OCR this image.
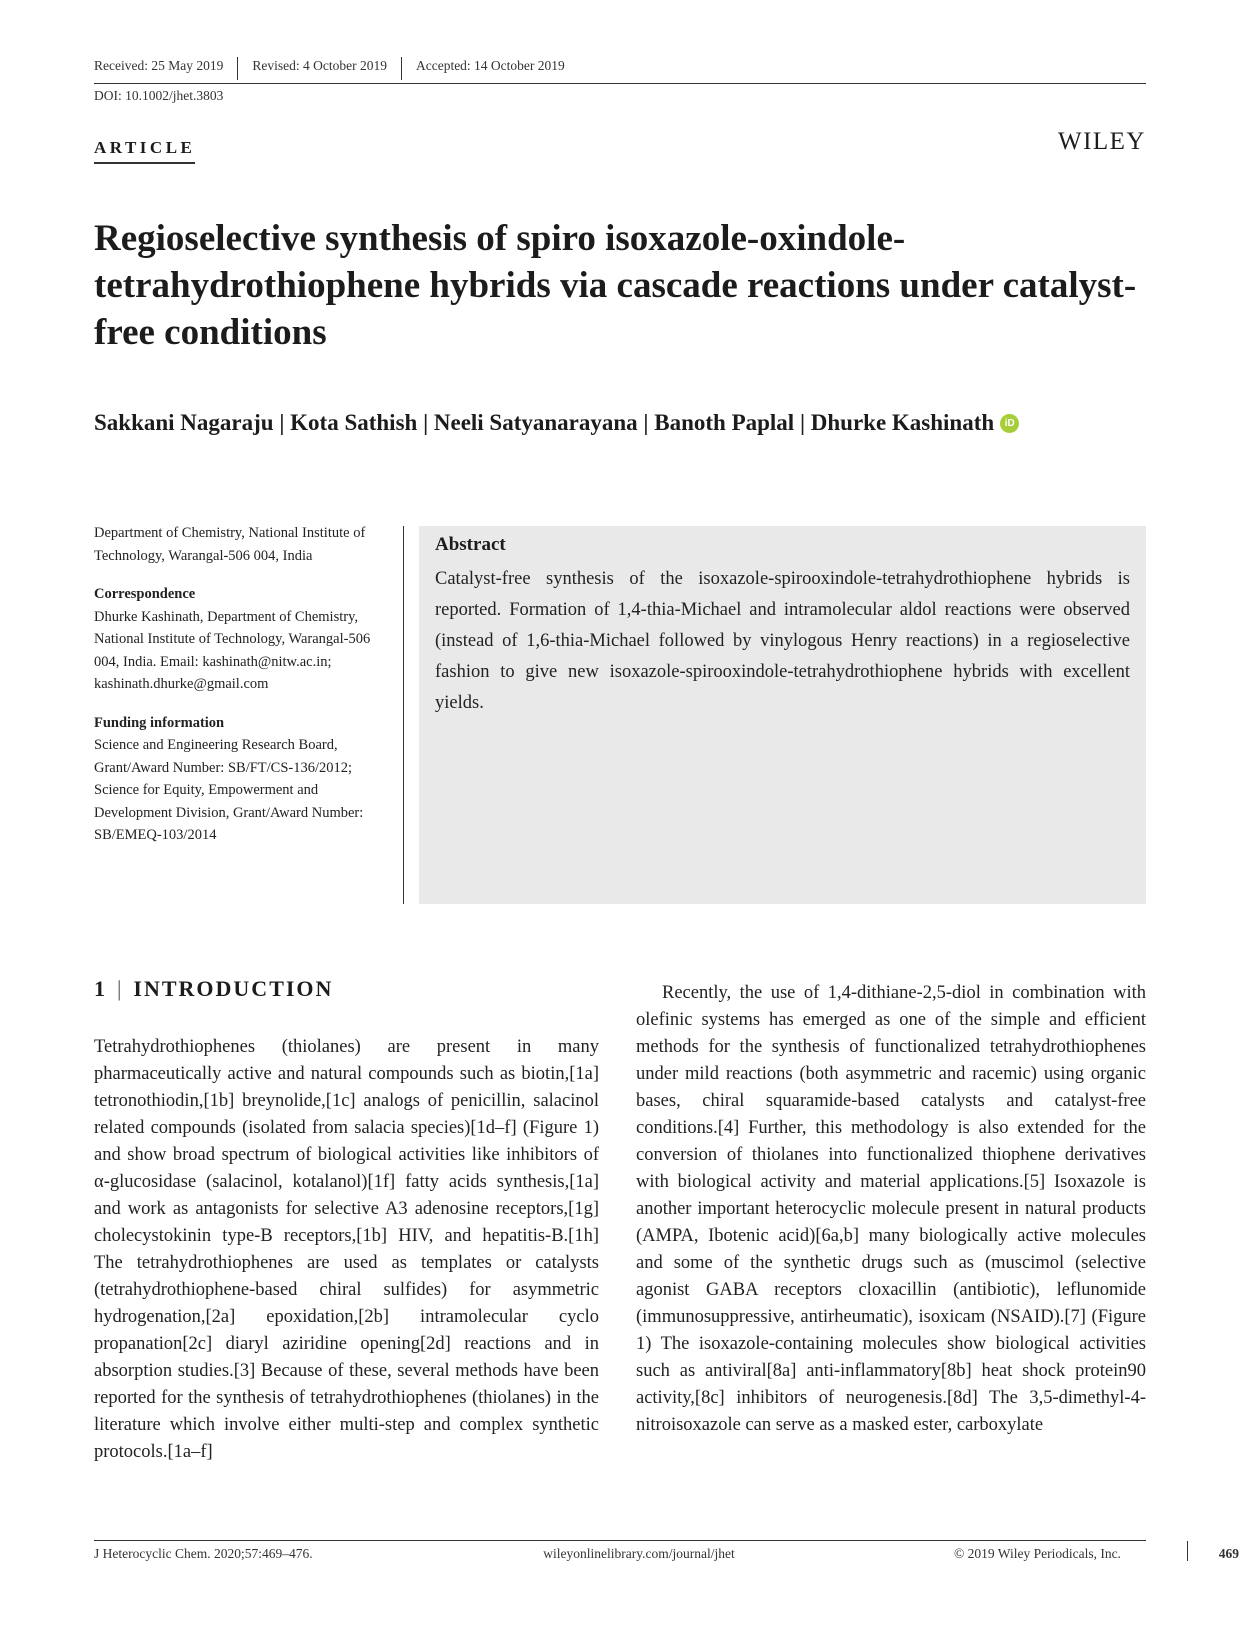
Received: 25 May 2019	Revised: 4 October 2019	Accepted: 14 October 2019
DOI: 10.1002/jhet.3803
ARTICLE	WILEY
Regioselective synthesis of spiro isoxazole-oxindole-tetrahydrothiophene hybrids via cascade reactions under catalyst-free conditions
Sakkani Nagaraju | Kota Sathish | Neeli Satyanarayana | Banoth Paplal | Dhurke Kashinath iD

Department of Chemistry, National Institute of Technology, Warangal-506 004, India

Correspondence

Dhurke Kashinath, Department of Chemistry, National Institute of Technology, Warangal-506 004, India. Email: kashinath@nitw.ac.in; kashinath.dhurke@gmail.com

Funding information

Science and Engineering Research Board, Grant/Award Number: SB/FT/CS-136/2012; Science for Equity, Empowerment and Development Division, Grant/Award Number: SB/EMEQ-103/2014

Abstract
Catalyst-free synthesis of the isoxazole-spirooxindole-tetrahydrothiophene hybrids is reported. Formation of 1,4-thia-Michael and intramolecular aldol reactions were observed (instead of 1,6-thia-Michael followed by vinylogous Henry reactions) in a regioselective fashion to give new isoxazole-spirooxindole-tetrahydrothiophene hybrids with excellent yields.
1 | INTRODUCTION
Tetrahydrothiophenes (thiolanes) are present in many pharmaceutically active and natural compounds such as biotin,[1a] tetronothiodin,[1b] breynolide,[1c] analogs of penicillin, salacinol related compounds (isolated from salacia species)[1d–f] (Figure 1) and show broad spectrum of biological activities like inhibitors of α-glucosidase (salacinol, kotalanol)[1f] fatty acids synthesis,[1a] and work as antagonists for selective A3 adenosine receptors,[1g] cholecystokinin type-B receptors,[1b] HIV, and hepatitis-B.[1h] The tetrahydrothiophenes are used as templates or catalysts (tetrahydrothiophene-based chiral sulfides) for asymmetric hydrogenation,[2a] epoxidation,[2b] intramolecular cyclo propanation[2c] diaryl aziridine opening[2d] reactions and in absorption studies.[3] Because of these, several methods have been reported for the synthesis of tetrahydrothiophenes (thiolanes) in the literature which involve either multi-step and complex synthetic protocols.[1a–f]
Recently, the use of 1,4-dithiane-2,5-diol in combination with olefinic systems has emerged as one of the simple and efficient methods for the synthesis of functionalized tetrahydrothiophenes under mild reactions (both asymmetric and racemic) using organic bases, chiral squaramide-based catalysts and catalyst-free conditions.[4] Further, this methodology is also extended for the conversion of thiolanes into functionalized thiophene derivatives with biological activity and material applications.[5] Isoxazole is another important heterocyclic molecule present in natural products (AMPA, Ibotenic acid)[6a,b] many biologically active molecules and some of the synthetic drugs such as (muscimol (selective agonist GABA receptors cloxacillin (antibiotic), leflunomide (immunosuppressive, antirheumatic), isoxicam (NSAID).[7] (Figure 1) The isoxazole-containing molecules show biological activities such as antiviral[8a] anti-inflammatory[8b] heat shock protein90 activity,[8c] inhibitors of neurogenesis.[8d] The 3,5-dimethyl-4-nitroisoxazole can serve as a masked ester, carboxylate
J Heterocyclic Chem. 2020;57:469–476.	wileyonlinelibrary.com/journal/jhet	© 2019 Wiley Periodicals, Inc.	469
